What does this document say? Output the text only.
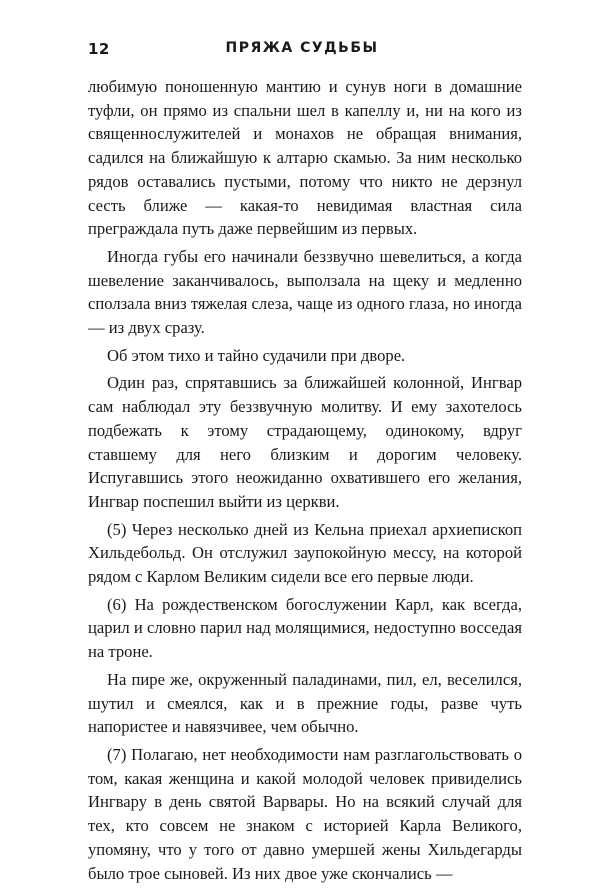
12	ПРЯЖА СУДЬБЫ

любимую поношенную мантию и сунув ноги в домашние туфли, он прямо из спальни шел в капеллу и, ни на кого из священнослужителей и монахов не обращая внимания, садился на ближайшую к алтарю скамью. За ним несколько рядов оставались пустыми, потому что никто не дерзнул сесть ближе — какая-то невидимая властная сила преграждала путь даже первейшим из первых.

Иногда губы его начинали беззвучно шевелиться, а когда шевеление заканчивалось, выползала на щеку и медленно сползала вниз тяжелая слеза, чаще из одного глаза, но иногда — из двух сразу.

Об этом тихо и тайно судачили при дворе.

Один раз, спрятавшись за ближайшей колонной, Ингвар сам наблюдал эту беззвучную молитву. И ему захотелось подбежать к этому страдающему, одинокому, вдруг ставшему для него близким и дорогим человеку. Испугавшись этого неожиданно охватившего его желания, Ингвар поспешил выйти из церкви.

(5) Через несколько дней из Кельна приехал архиепископ Хильдебольд. Он отслужил заупокойную мессу, на которой рядом с Карлом Великим сидели все его первые люди.

(6) На рождественском богослужении Карл, как всегда, царил и словно парил над молящимися, недоступно восседая на троне.

На пире же, окруженный паладинами, пил, ел, веселился, шутил и смеялся, как и в прежние годы, разве чуть напористее и навязчивее, чем обычно.

(7) Полагаю, нет необходимости нам разглагольствовать о том, какая женщина и какой молодой человек привиделись Ингвару в день святой Варвары. Но на всякий случай для тех, кто совсем не знаком с историей Карла Великого, упомяну, что у того от давно умершей жены Хильдегарды было трое сыновей. Из них двое уже скончались —
